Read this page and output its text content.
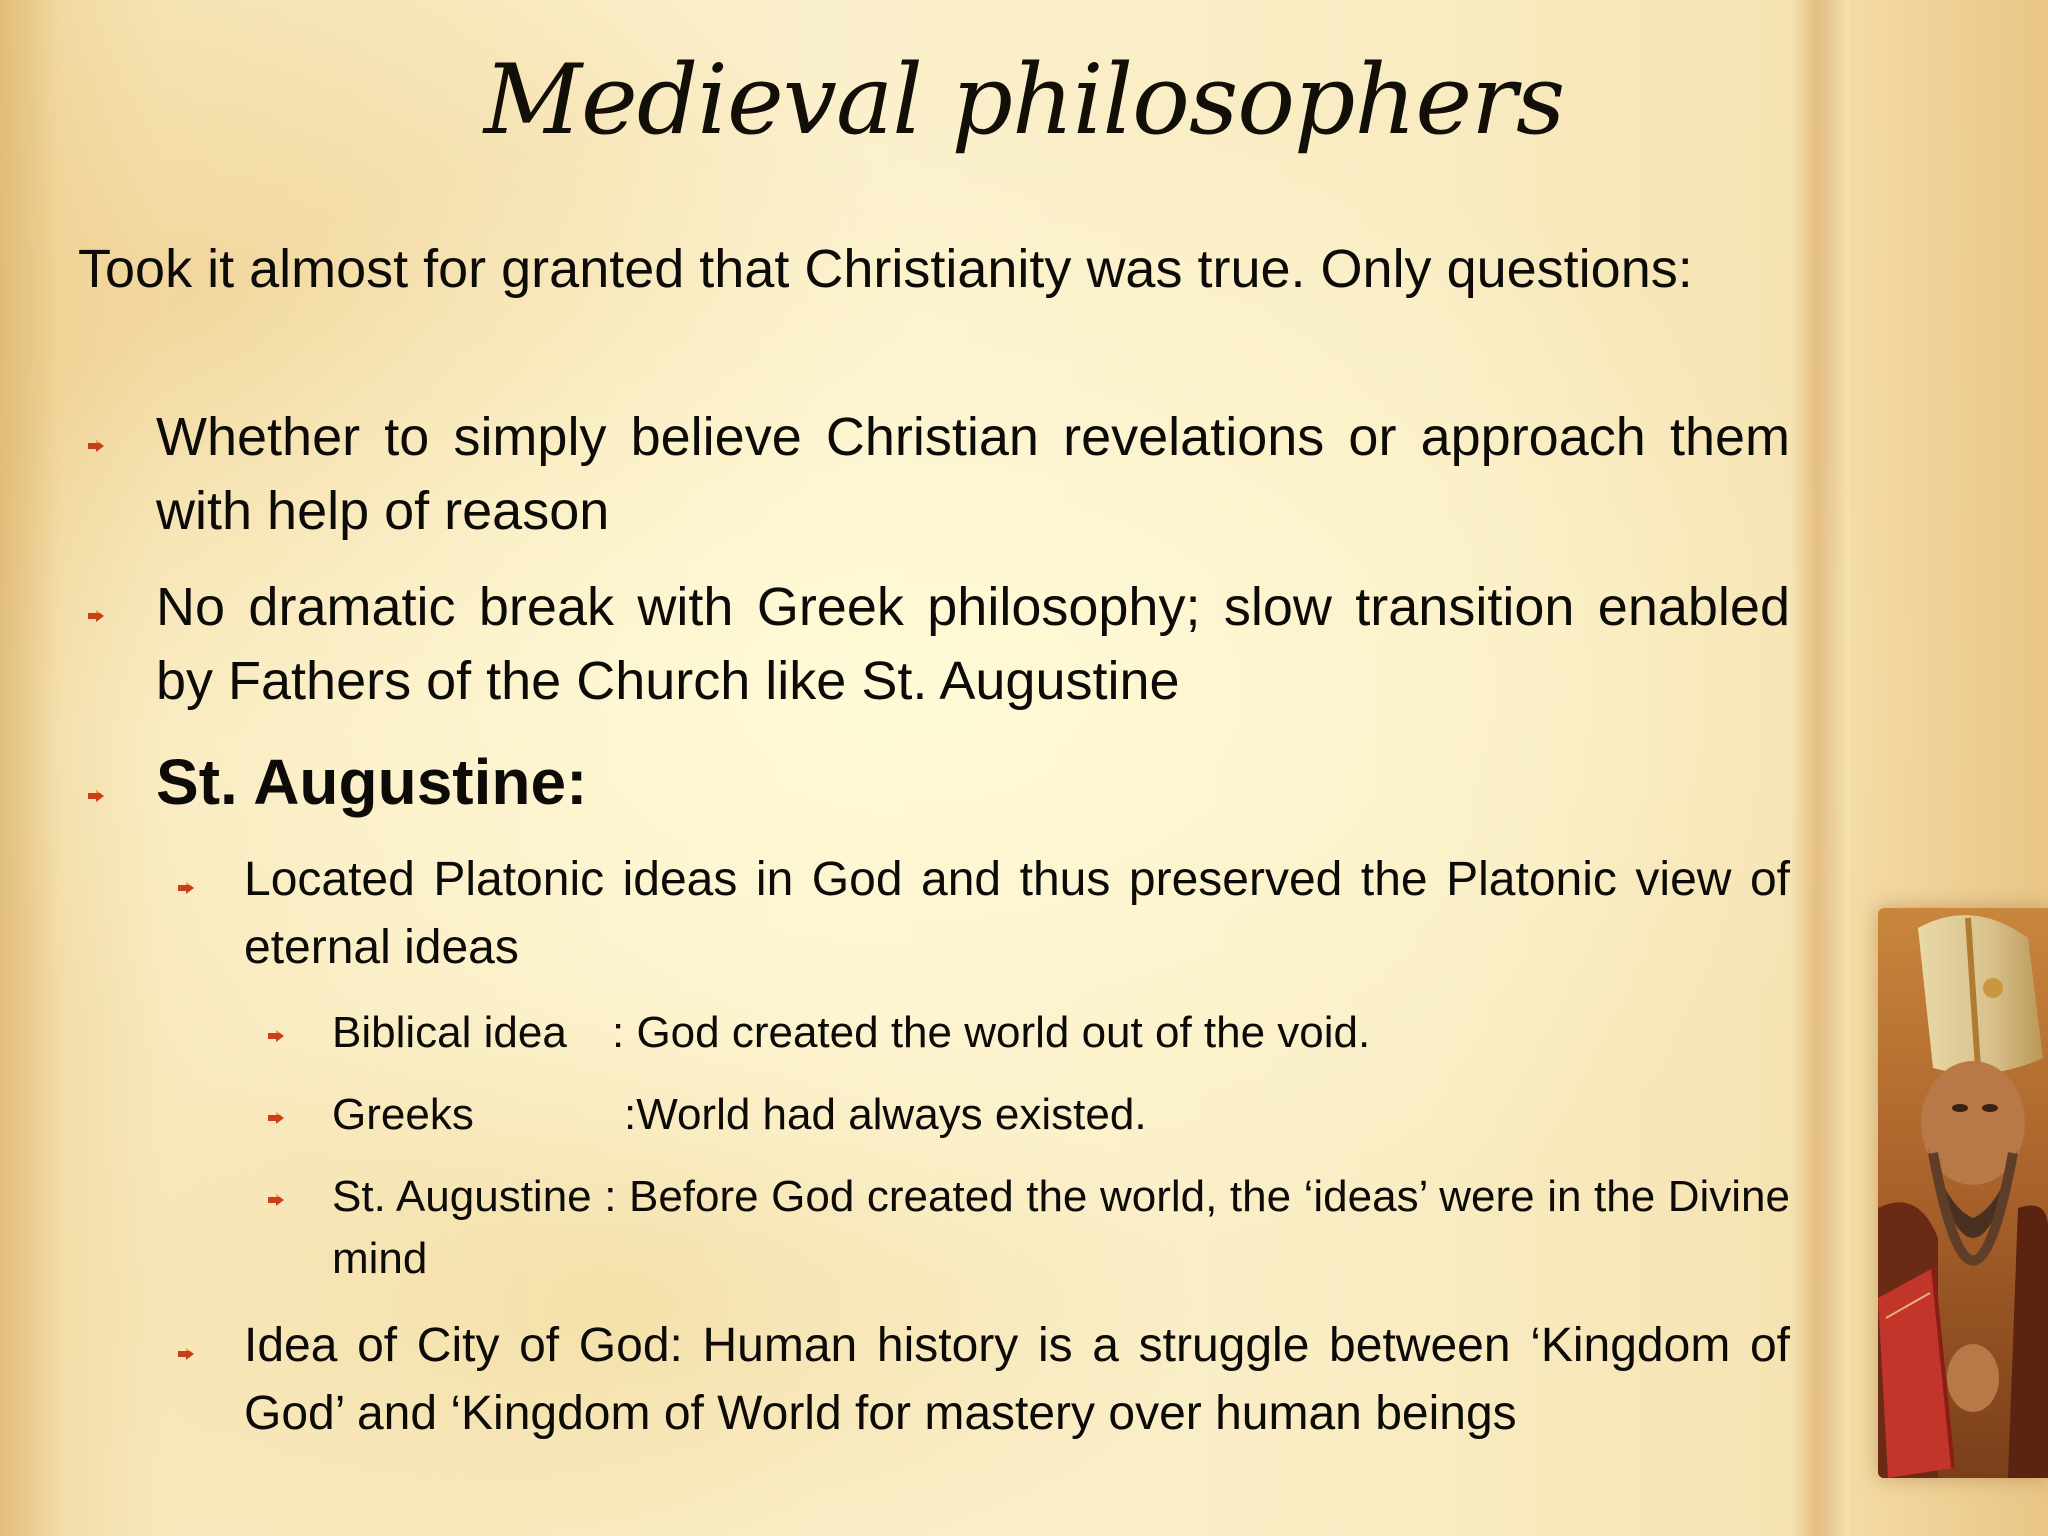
Medieval philosophers

Took it almost for granted that Christianity was true. Only questions:

Whether to simply believe Christian revelations or approach them with help of reason

No dramatic break with Greek philosophy; slow transition enabled by Fathers of the Church like St. Augustine

St. Augustine:

Located Platonic ideas in God and thus preserved the Platonic view of eternal ideas

Biblical idea : God created the world out of the void.

Greeks	:World had always existed.

St. Augustine : Before God created the world, the ‘ideas’ were in the Divine mind

Idea of City of God: Human history is a struggle between ‘Kingdom of God’ and ‘Kingdom of World for mastery over human beings
